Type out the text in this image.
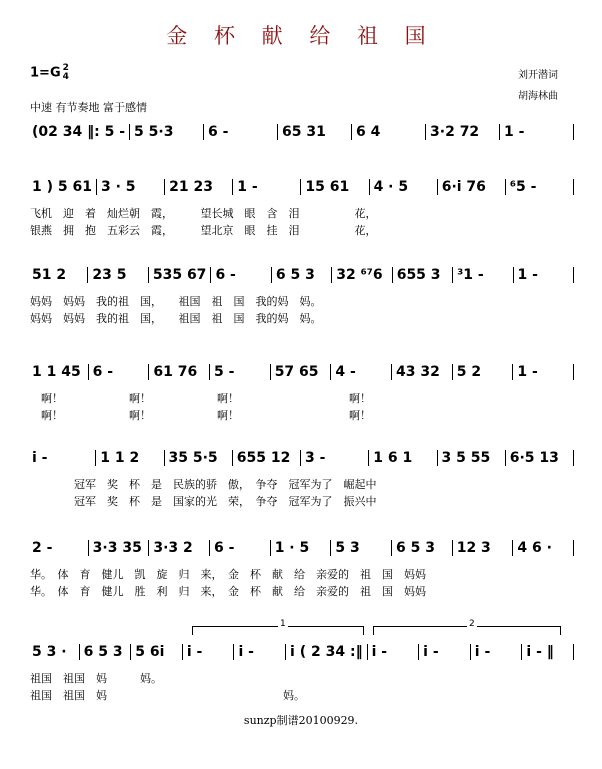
金 杯 献 给 祖 国
1=G 2
4	刘开潜词
胡海林曲
中速 有节奏地 富于感情
(02 34 ‖: 5 - 5 5·3	6 -	65 31	6 4	3·2 72	1 -
1 ) 5 61 3 · 5	21 23	1 -	15 61	4 · 5	6·i 76	⁶5 -
飞机　迎　着　灿烂朝　霞，　　　望长城　眼　含　泪　　　　　花，
银燕　拥　抱　五彩云　霞，　　　望北京　眼　挂　泪　　　　　花，
51 2	23 5	535 67 6 -	6 5 3	32 ⁶⁷6	655 3	³1 -	1 -
妈妈　妈妈　我的祖　国，　　祖国　祖　国　我的妈　妈。
妈妈　妈妈　我的祖　国，　　祖国　祖　国　我的妈　妈。
1 1 45 6 -	61 76	5 -	57 65	4 -	43 32	5 2	1 -
　啊！　　　　　　啊！　　　　　　啊！　　　　　　　　　　啊！
　啊！　　　　　　啊！　　　　　　啊！　　　　　　　　　　啊！
i -	1 1 2	35 5·5	655 12	3 -	1 6 1	3 5 55	6·5 13
　　　　冠军　奖　杯　是　民族的骄　傲，　争夺　冠军为了　崛起中
　　　　冠军　奖　杯　是　国家的光　荣，　争夺　冠军为了　振兴中
2 -	3·3 35 3·3 2	6 -	1 · 5	5 3	6 5 3	12 3	4 6 ·
华。　体　育　健儿　凯　旋　归　来，　金　杯　献　给　亲爱的　祖　国　妈妈
华。　体　育　健儿　胜　利　归　来，　金　杯　献　给　亲爱的　祖　国　妈妈
5 3 ·	6 5 3 5 6i	i -	i -	i ( 2 34 :‖ i -	i -	i -	i - ‖
祖国　祖国　妈　　　妈。
祖国　祖国　妈　　　　　　　　　　　　　　　　妈。
1	2
sunzp制谱20100929.
